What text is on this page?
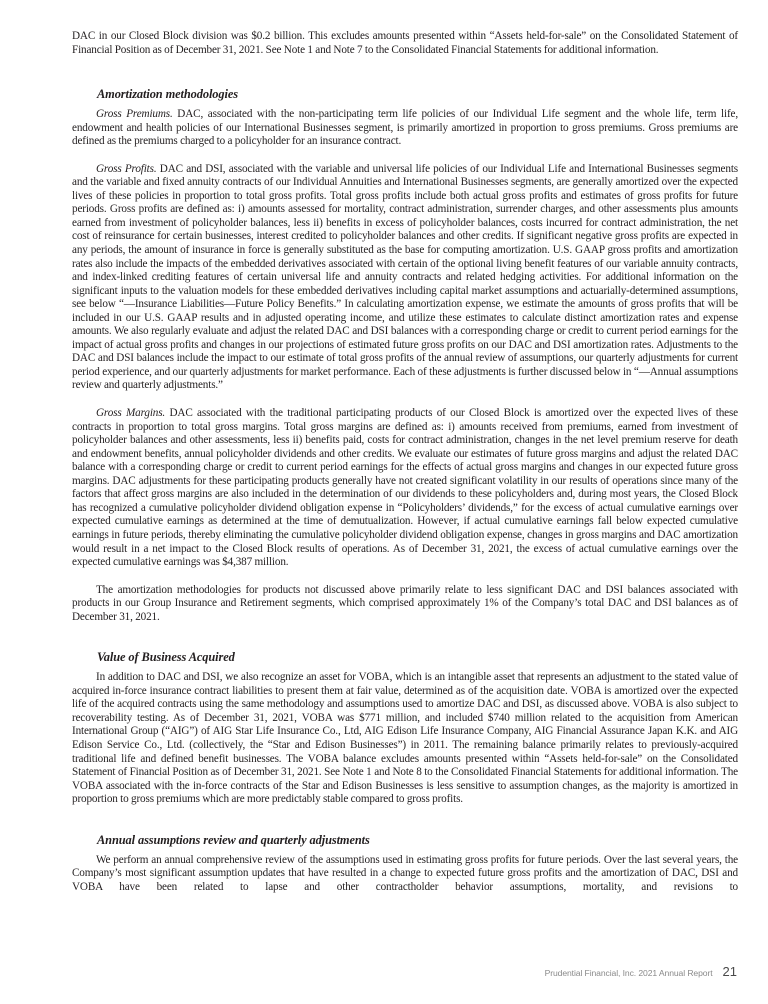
DAC in our Closed Block division was $0.2 billion. This excludes amounts presented within “Assets held-for-sale” on the Consolidated Statement of Financial Position as of December 31, 2021. See Note 1 and Note 7 to the Consolidated Financial Statements for additional information.

Amortization methodologies

Gross Premiums. DAC, associated with the non-participating term life policies of our Individual Life segment and the whole life, term life, endowment and health policies of our International Businesses segment, is primarily amortized in proportion to gross premiums. Gross premiums are defined as the premiums charged to a policyholder for an insurance contract.

Gross Profits. DAC and DSI, associated with the variable and universal life policies of our Individual Life and International Businesses segments and the variable and fixed annuity contracts of our Individual Annuities and International Businesses segments, are generally amortized over the expected lives of these policies in proportion to total gross profits. Total gross profits include both actual gross profits and estimates of gross profits for future periods. Gross profits are defined as: i) amounts assessed for mortality, contract administration, surrender charges, and other assessments plus amounts earned from investment of policyholder balances, less ii) benefits in excess of policyholder balances, costs incurred for contract administration, the net cost of reinsurance for certain businesses, interest credited to policyholder balances and other credits. If significant negative gross profits are expected in any periods, the amount of insurance in force is generally substituted as the base for computing amortization. U.S. GAAP gross profits and amortization rates also include the impacts of the embedded derivatives associated with certain of the optional living benefit features of our variable annuity contracts, and index-linked crediting features of certain universal life and annuity contracts and related hedging activities. For additional information on the significant inputs to the valuation models for these embedded derivatives including capital market assumptions and actuarially-determined assumptions, see below “—Insurance Liabilities—Future Policy Benefits.” In calculating amortization expense, we estimate the amounts of gross profits that will be included in our U.S. GAAP results and in adjusted operating income, and utilize these estimates to calculate distinct amortization rates and expense amounts. We also regularly evaluate and adjust the related DAC and DSI balances with a corresponding charge or credit to current period earnings for the impact of actual gross profits and changes in our projections of estimated future gross profits on our DAC and DSI amortization rates. Adjustments to the DAC and DSI balances include the impact to our estimate of total gross profits of the annual review of assumptions, our quarterly adjustments for current period experience, and our quarterly adjustments for market performance. Each of these adjustments is further discussed below in “—Annual assumptions review and quarterly adjustments.”

Gross Margins. DAC associated with the traditional participating products of our Closed Block is amortized over the expected lives of these contracts in proportion to total gross margins. Total gross margins are defined as: i) amounts received from premiums, earned from investment of policyholder balances and other assessments, less ii) benefits paid, costs for contract administration, changes in the net level premium reserve for death and endowment benefits, annual policyholder dividends and other credits. We evaluate our estimates of future gross margins and adjust the related DAC balance with a corresponding charge or credit to current period earnings for the effects of actual gross margins and changes in our expected future gross margins. DAC adjustments for these participating products generally have not created significant volatility in our results of operations since many of the factors that affect gross margins are also included in the determination of our dividends to these policyholders and, during most years, the Closed Block has recognized a cumulative policyholder dividend obligation expense in “Policyholders’ dividends,” for the excess of actual cumulative earnings over expected cumulative earnings as determined at the time of demutualization. However, if actual cumulative earnings fall below expected cumulative earnings in future periods, thereby eliminating the cumulative policyholder dividend obligation expense, changes in gross margins and DAC amortization would result in a net impact to the Closed Block results of operations. As of December 31, 2021, the excess of actual cumulative earnings over the expected cumulative earnings was $4,387 million.

The amortization methodologies for products not discussed above primarily relate to less significant DAC and DSI balances associated with products in our Group Insurance and Retirement segments, which comprised approximately 1% of the Company’s total DAC and DSI balances as of December 31, 2021.

Value of Business Acquired

In addition to DAC and DSI, we also recognize an asset for VOBA, which is an intangible asset that represents an adjustment to the stated value of acquired in-force insurance contract liabilities to present them at fair value, determined as of the acquisition date. VOBA is amortized over the expected life of the acquired contracts using the same methodology and assumptions used to amortize DAC and DSI, as discussed above. VOBA is also subject to recoverability testing. As of December 31, 2021, VOBA was $771 million, and included $740 million related to the acquisition from American International Group (“AIG”) of AIG Star Life Insurance Co., Ltd, AIG Edison Life Insurance Company, AIG Financial Assurance Japan K.K. and AIG Edison Service Co., Ltd. (collectively, the “Star and Edison Businesses”) in 2011. The remaining balance primarily relates to previously-acquired traditional life and defined benefit businesses. The VOBA balance excludes amounts presented within “Assets held-for-sale” on the Consolidated Statement of Financial Position as of December 31, 2021. See Note 1 and Note 8 to the Consolidated Financial Statements for additional information. The VOBA associated with the in-force contracts of the Star and Edison Businesses is less sensitive to assumption changes, as the majority is amortized in proportion to gross premiums which are more predictably stable compared to gross profits.

Annual assumptions review and quarterly adjustments

We perform an annual comprehensive review of the assumptions used in estimating gross profits for future periods. Over the last several years, the Company’s most significant assumption updates that have resulted in a change to expected future gross profits and the amortization of DAC, DSI and VOBA have been related to lapse and other contractholder behavior assumptions, mortality, and revisions to

Prudential Financial, Inc. 2021 Annual Report 21
